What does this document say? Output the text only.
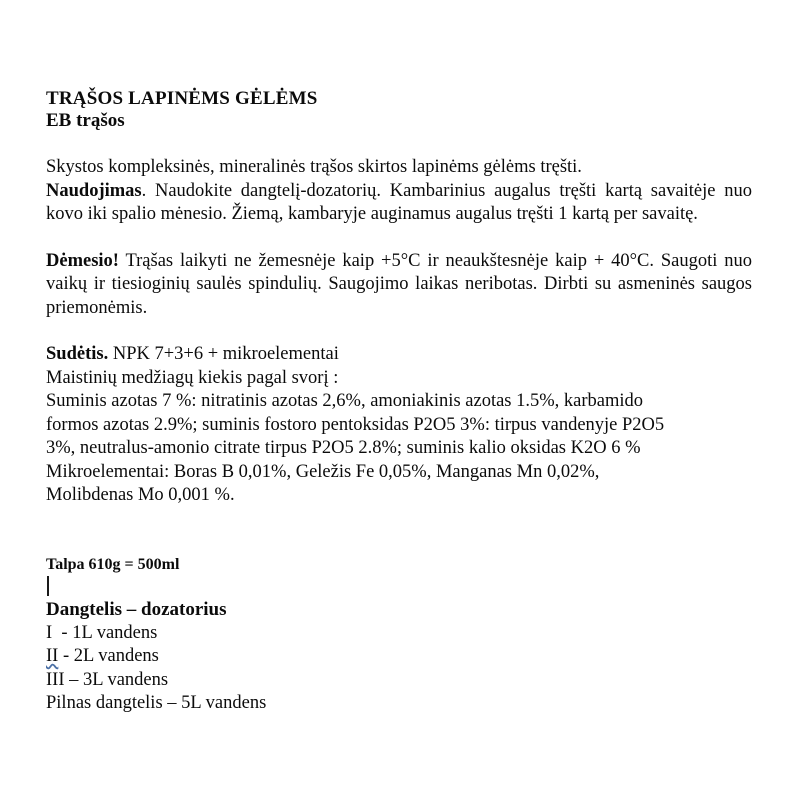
TRĄŠOS LAPINĖMS GĖLĖMS
EB trąšos

Skystos kompleksinės, mineralinės trąšos skirtos lapinėms gėlėms tręšti.

Naudojimas. Naudokite dangtelį-dozatorių. Kambarinius augalus tręšti kartą savaitėje nuo kovo iki spalio mėnesio. Žiemą, kambaryje auginamus augalus tręšti 1 kartą per savaitę.

Dėmesio! Trąšas laikyti ne žemesnėje kaip +5°C ir neaukštesnėje kaip + 40°C. Saugoti nuo vaikų ir tiesioginių saulės spindulių. Saugojimo laikas neribotas. Dirbti su asmeninės saugos priemonėmis.

Sudėtis. NPK 7+3+6 + mikroelementai
Maistinių medžiagų kiekis pagal svorį :
Suminis azotas 7 %: nitratinis azotas 2,6%, amoniakinis azotas 1.5%, karbamido
formos azotas 2.9%; suminis fostoro pentoksidas P2O5 3%: tirpus vandenyje P2O5
3%, neutralus-amonio citrate tirpus P2O5 2.8%; suminis kalio oksidas K2O 6 %
Mikroelementai: Boras B 0,01%, Geležis Fe 0,05%, Manganas Mn 0,02%,
Molibdenas Mo 0,001 %.

Talpa 610g = 500ml

Dangtelis – dozatorius

I  - 1L vandens

II - 2L vandens

III – 3L vandens

Pilnas dangtelis – 5L vandens
